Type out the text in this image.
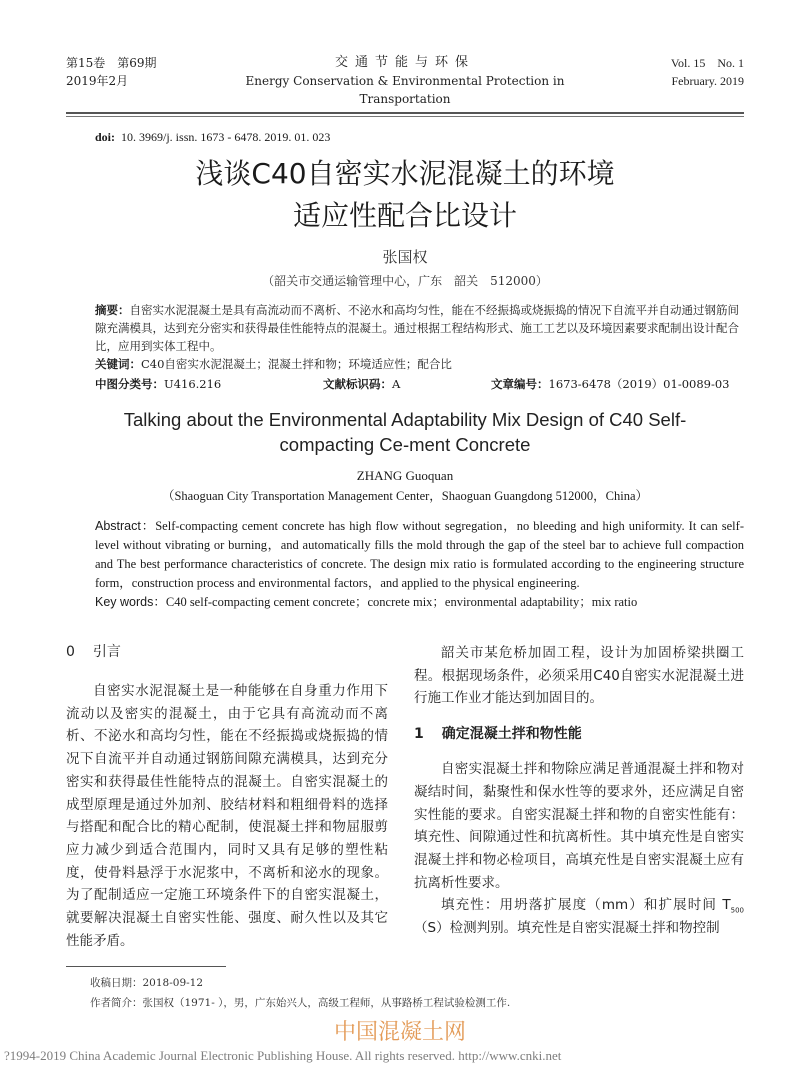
第15卷　第69期
2019年2月
交通节能与环保
Energy Conservation & Environmental Protection in Transportation
Vol. 15　No. 1
February. 2019
doi: 10. 3969/j. issn. 1673 - 6478. 2019. 01. 023
浅谈C40自密实水泥混凝土的环境
适应性配合比设计
张国权
（韶关市交通运输管理中心，广东　韶关　512000）
摘要：自密实水泥混凝土是具有高流动而不离析、不泌水和高均匀性，能在不经振捣或烧振捣的情况下自流平并自动通过钢筋间隙充满模具，达到充分密实和获得最佳性能特点的混凝土。通过根据工程结构形式、施工工艺以及环境因素要求配制出设计配合比，应用到实体工程中。
关键词：C40自密实水泥混凝土；混凝土拌和物；环境适应性；配合比
中图分类号：U416.216	文献标识码：A	文章编号：1673-6478（2019）01-0089-03
Talking about the Environmental Adaptability Mix Design of C40 Self-compacting Ce-ment Concrete
ZHANG Guoquan
（Shaoguan City Transportation Management Center，Shaoguan Guangdong 512000，China）
Abstract：Self-compacting cement concrete has high flow without segregation，no bleeding and high uniformity. It can self-level without vibrating or burning，and automatically fills the mold through the gap of the steel bar to achieve full compaction and The best performance characteristics of concrete. The design mix ratio is formulated according to the engineering structure form，construction process and environmental factors，and applied to the physical engineering.
Key words：C40 self-compacting cement concrete；concrete mix；environmental adaptability；mix ratio
0 引言

自密实水泥混凝土是一种能够在自身重力作用下流动以及密实的混凝土，由于它具有高流动而不离析、不泌水和高均匀性，能在不经振捣或烧振捣的情况下自流平并自动通过钢筋间隙充满模具，达到充分密实和获得最佳性能特点的混凝土。自密实混凝土的成型原理是通过外加剂、胶结材料和粗细骨料的选择与搭配和配合比的精心配制，使混凝土拌和物屈服剪应力减少到适合范围内，同时又具有足够的塑性粘度，使骨料悬浮于水泥浆中，不离析和泌水的现象。为了配制适应一定施工环境条件下的自密实混凝土，就要解决混凝土自密实性能、强度、耐久性以及其它性能矛盾。

韶关市某危桥加固工程，设计为加固桥梁拱圈工程。根据现场条件，必须采用C40自密实水泥混凝土进行施工作业才能达到加固目的。

1 确定混凝土拌和物性能

自密实混凝土拌和物除应满足普通混凝土拌和物对凝结时间，黏聚性和保水性等的要求外，还应满足自密实性能的要求。自密实混凝土拌和物的自密实性能有：填充性、间隙通过性和抗离析性。其中填充性是自密实混凝土拌和物必检项目，高填充性是自密实混凝土应有抗离析性要求。

填充性：用坍落扩展度（mm）和扩展时间 $T_{500}(S)$检测判别。填充性是自密实混凝土拌和物控制

收稿日期：2018-09-12
作者简介：张国权（1971- ），男，广东始兴人，高级工程师，从事路桥工程试验检测工作.
中国混凝土网
?1994-2019 China Academic Journal Electronic Publishing House. All rights reserved. http://www.cnki.net
